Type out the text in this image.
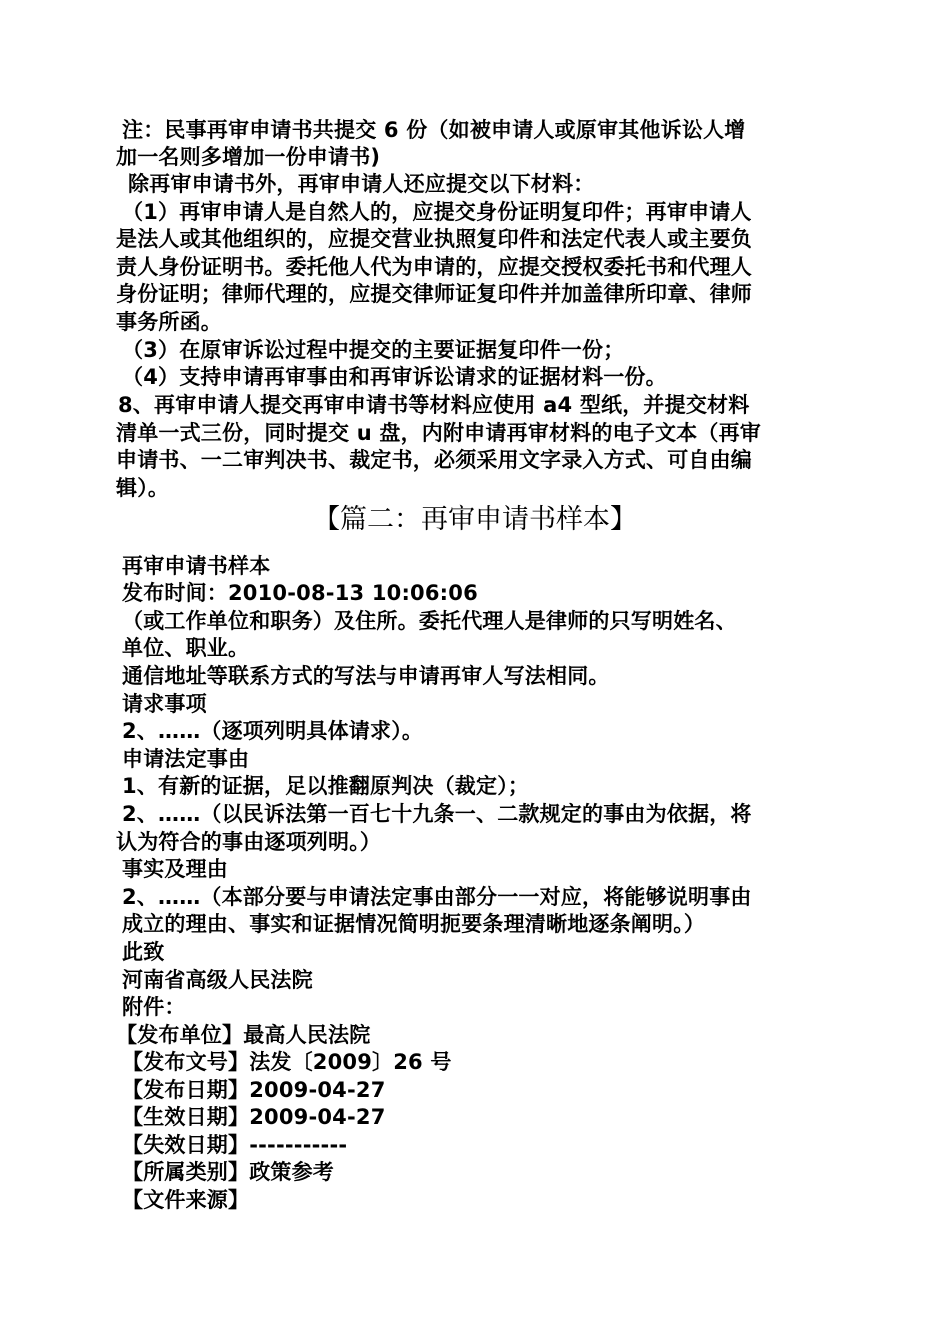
注：民事再审申请书共提交 6 份（如被申请人或原审其他诉讼人增
加一名则多增加一份申请书)
除再审申请书外，再审申请人还应提交以下材料：
（1）再审申请人是自然人的，应提交身份证明复印件；再审申请人
是法人或其他组织的，应提交营业执照复印件和法定代表人或主要负
责人身份证明书。委托他人代为申请的，应提交授权委托书和代理人
身份证明；律师代理的，应提交律师证复印件并加盖律所印章、律师
事务所函。
（3）在原审诉讼过程中提交的主要证据复印件一份；
（4）支持申请再审事由和再审诉讼请求的证据材料一份。
8、再审申请人提交再审申请书等材料应使用 a4 型纸，并提交材料
清单一式三份，同时提交 u 盘，内附申请再审材料的电子文本（再审
申请书、一二审判决书、裁定书，必须采用文字录入方式、可自由编
辑）。
【篇二：再审申请书样本】
再审申请书样本
发布时间：2010-08-13 10:06:06
（或工作单位和职务）及住所。委托代理人是律师的只写明姓名、
单位、职业。
通信地址等联系方式的写法与申请再审人写法相同。
请求事项
2、……（逐项列明具体请求）。
申请法定事由
1、有新的证据，足以推翻原判决（裁定）；
2、……（以民诉法第一百七十九条一、二款规定的事由为依据，将
认为符合的事由逐项列明。）
事实及理由
2、……（本部分要与申请法定事由部分一一对应，将能够说明事由
成立的理由、事实和证据情况简明扼要条理清晰地逐条阐明。）
此致
河南省高级人民法院
附件：
【发布单位】最高人民法院
【发布文号】法发〔2009〕26 号
【发布日期】2009-04-27
【生效日期】2009-04-27
【失效日期】-----------
【所属类别】政策参考
【文件来源】
